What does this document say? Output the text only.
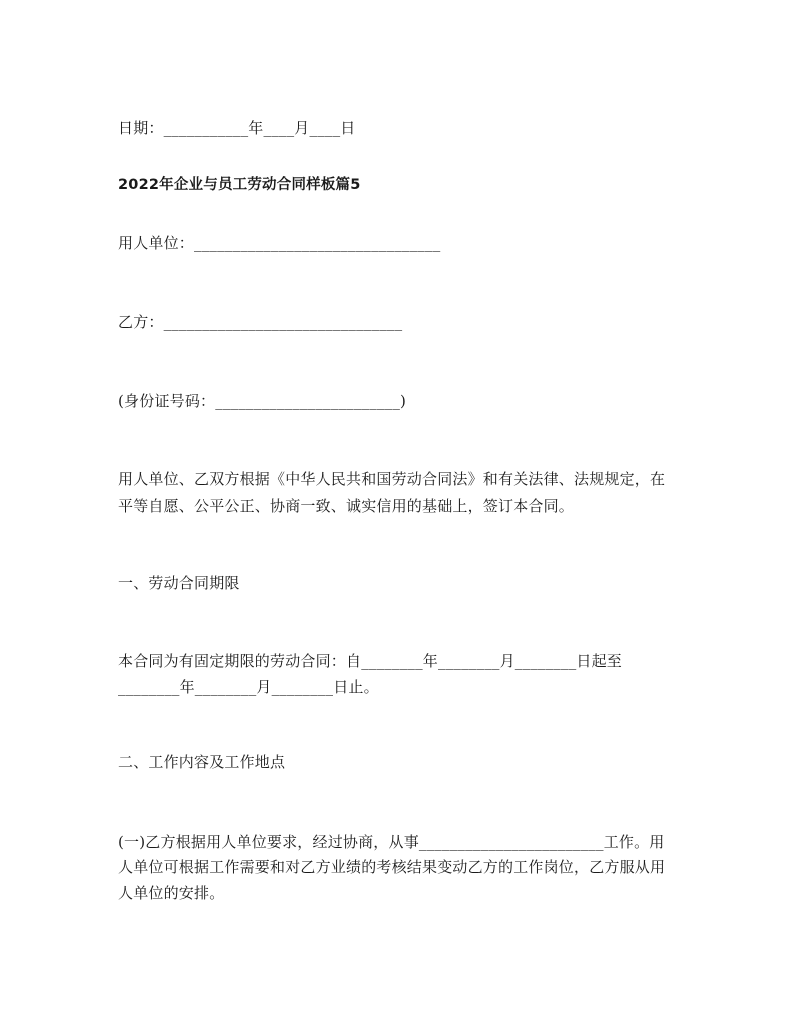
日期：___________年____月____日
2022年企业与员工劳动合同样板篇5
用人单位：________________________________
乙方：_______________________________
(身份证号码：________________________)
用人单位、乙双方根据《中华人民共和国劳动合同法》和有关法律、法规规定，在
平等自愿、公平公正、协商一致、诚实信用的基础上，签订本合同。
一、劳动合同期限
本合同为有固定期限的劳动合同：自________年________月________日起至
________年________月________日止。
二、工作内容及工作地点
(一)乙方根据用人单位要求，经过协商，从事________________________工作。用
人单位可根据工作需要和对乙方业绩的考核结果变动乙方的工作岗位，乙方服从用
人单位的安排。
